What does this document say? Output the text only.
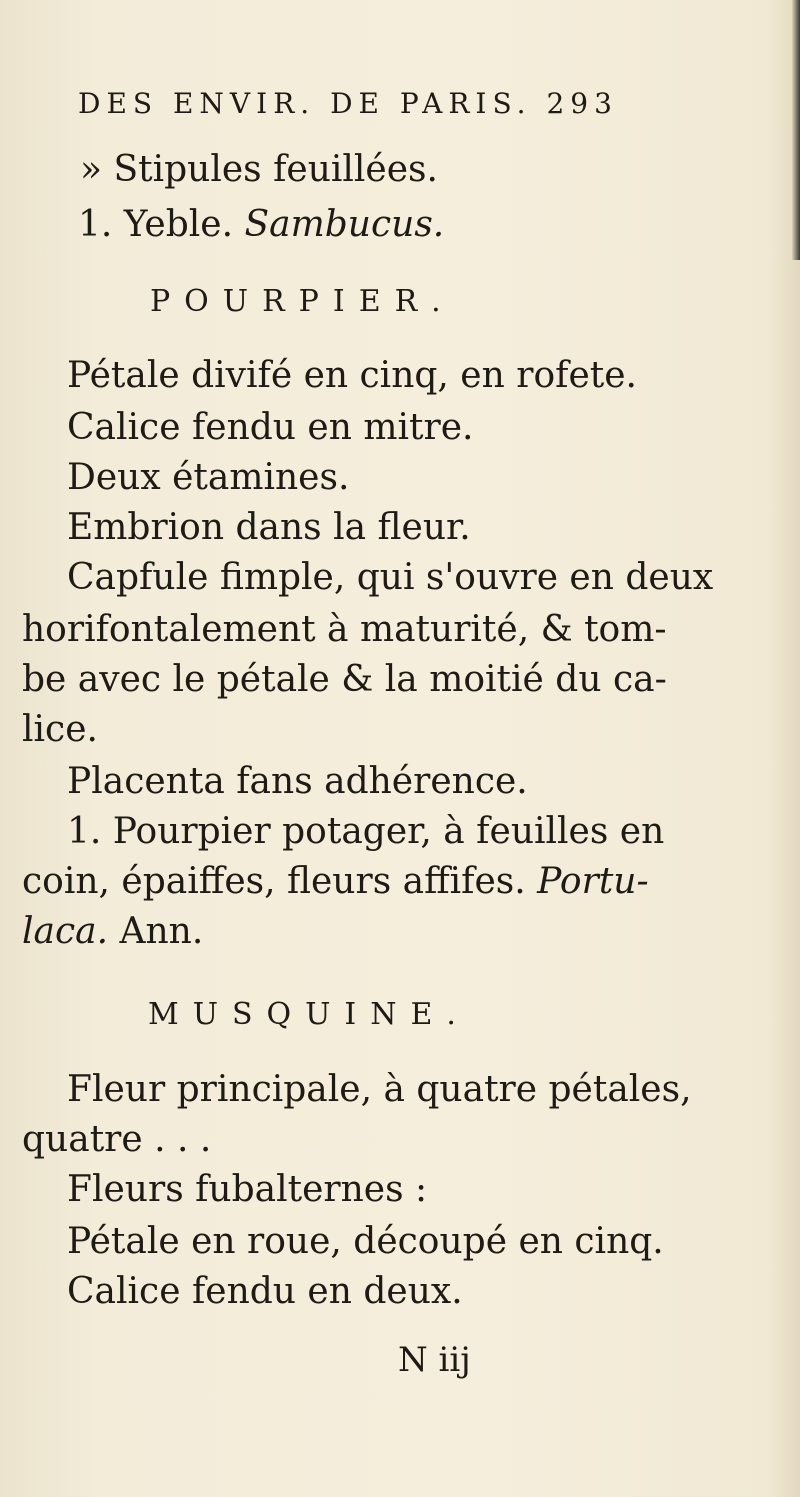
DES ENVIR. DE PARIS. 293
» Stipules feuillées.
1. Yeble. Sambucus.
POURPIER.
Pétale divifé en cinq, en rofete.
Calice fendu en mitre.
Deux étamines.
Embrion dans la fleur.
Capfule fimple, qui s'ouvre en deux
horifontalement à maturité, & tom-
be avec le pétale & la moitié du ca-
lice.
Placenta fans adhérence.
1. Pourpier potager, à feuilles en
coin, épaiffes, fleurs affifes. Portu-
laca. Ann.
MUSQUINE.
Fleur principale, à quatre pétales,
quatre . . .
Fleurs fubalternes :
Pétale en roue, découpé en cinq.
Calice fendu en deux.
N iij
